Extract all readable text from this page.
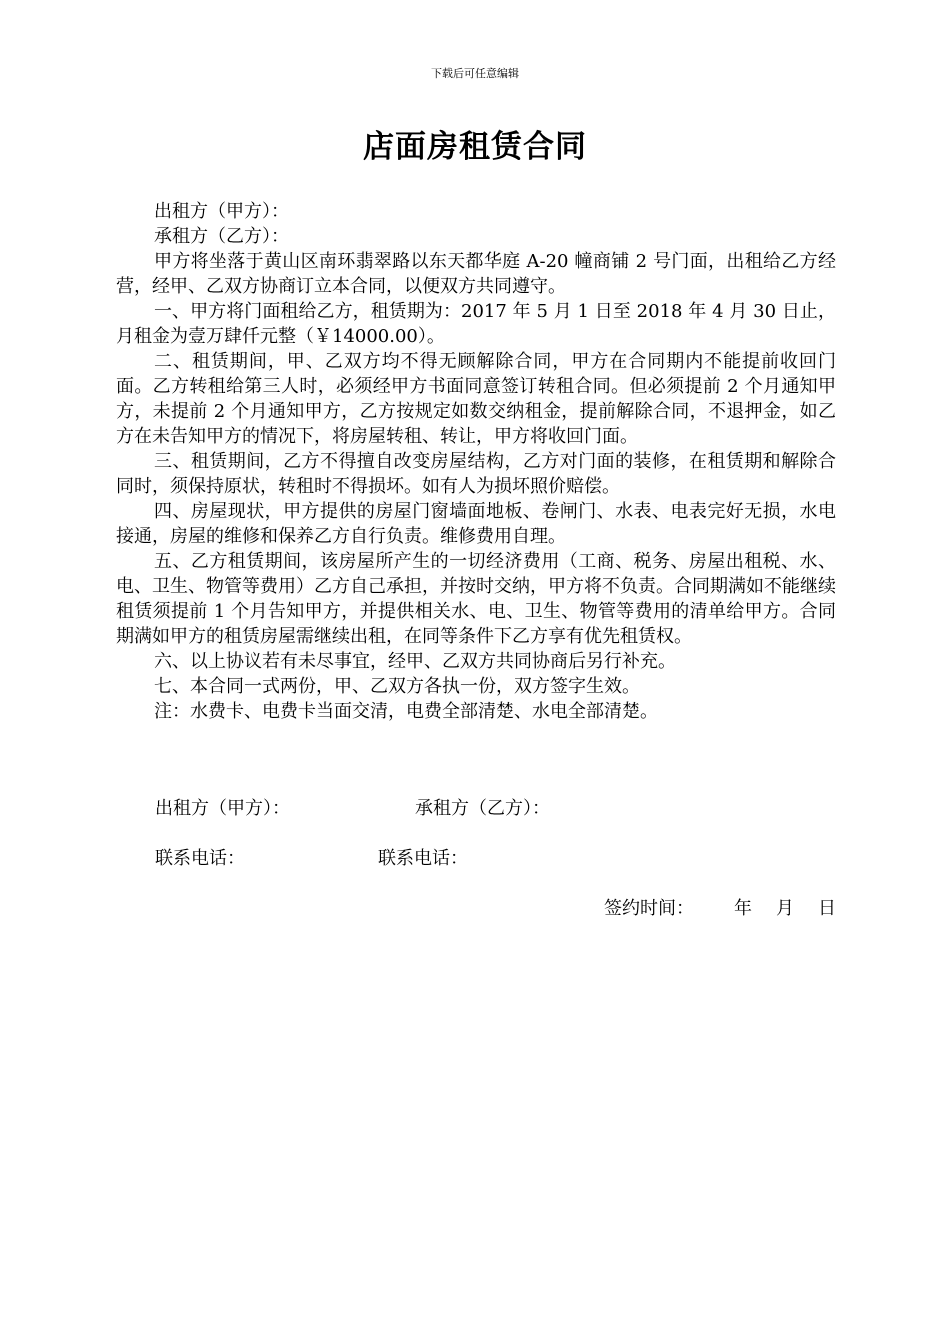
下载后可任意编辑
店面房租赁合同

出租方（甲方）：

承租方（乙方）：

甲方将坐落于黄山区南环翡翠路以东天都华庭 A-20 幢商铺 2 号门面，出租给乙方经营，经甲、乙双方协商订立本合同，以便双方共同遵守。

一、甲方将门面租给乙方，租赁期为：2017 年 5 月 1 日至 2018 年 4 月 30 日止，月租金为壹万肆仟元整（￥14000.00）。

二、租赁期间，甲、乙双方均不得无顾解除合同，甲方在合同期内不能提前收回门面。乙方转租给第三人时，必须经甲方书面同意签订转租合同。但必须提前 2 个月通知甲方，未提前 2 个月通知甲方，乙方按规定如数交纳租金，提前解除合同，不退押金，如乙方在未告知甲方的情况下，将房屋转租、转让，甲方将收回门面。

三、租赁期间，乙方不得擅自改变房屋结构，乙方对门面的装修，在租赁期和解除合同时，须保持原状，转租时不得损坏。如有人为损坏照价赔偿。

四、房屋现状，甲方提供的房屋门窗墙面地板、卷闸门、水表、电表完好无损，水电接通，房屋的维修和保养乙方自行负责。维修费用自理。

五、乙方租赁期间，该房屋所产生的一切经济费用（工商、税务、房屋出租税、水、电、卫生、物管等费用）乙方自己承担，并按时交纳，甲方将不负责。合同期满如不能继续租赁须提前 1 个月告知甲方，并提供相关水、电、卫生、物管等费用的清单给甲方。合同期满如甲方的租赁房屋需继续出租，在同等条件下乙方享有优先租赁权。

六、以上协议若有未尽事宜，经甲、乙双方共同协商后另行补充。

七、本合同一式两份，甲、乙双方各执一份，双方签字生效。

注：水费卡、电费卡当面交清，电费全部清楚、水电全部清楚。

出租方（甲方）：	承租方（乙方）：
联系电话：	联系电话：
签约时间： 年 月 日
